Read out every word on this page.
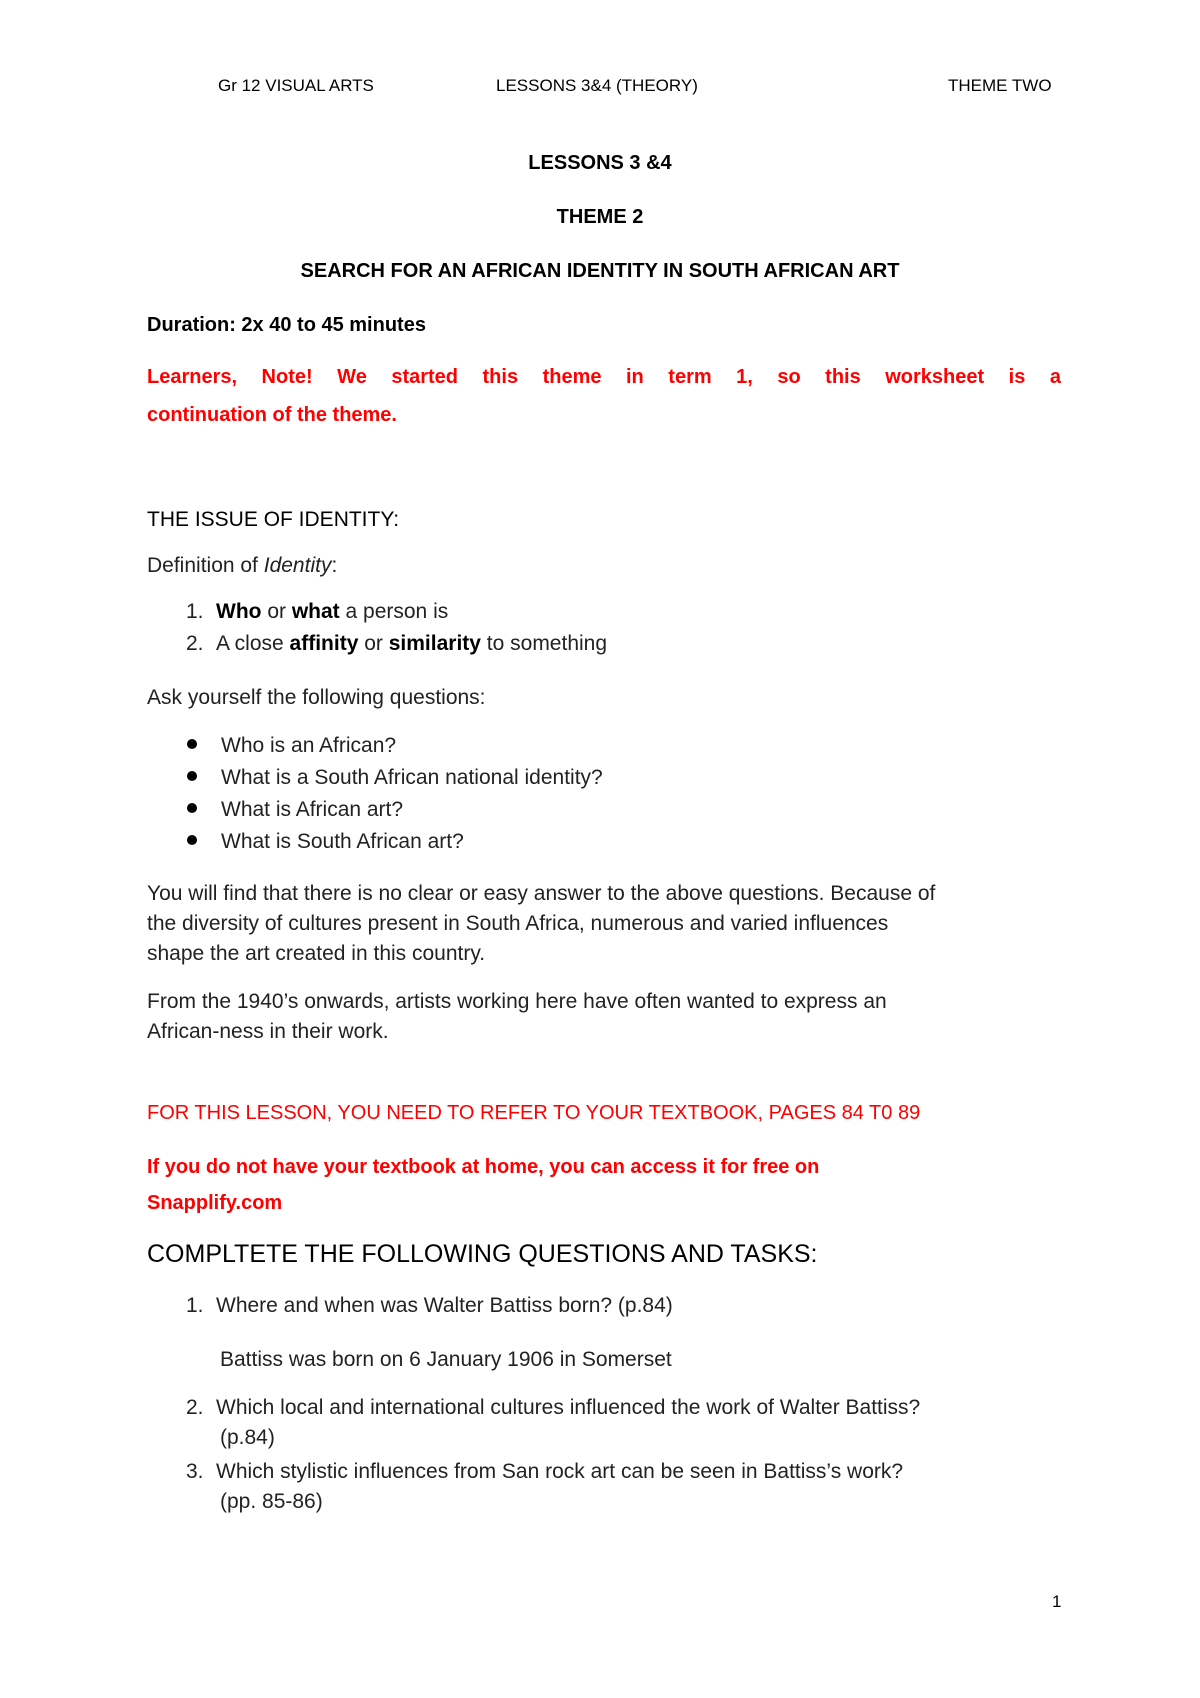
Gr 12 VISUAL ARTS	LESSONS 3&4 (THEORY)	THEME TWO
LESSONS 3 &4
THEME 2
SEARCH FOR AN AFRICAN IDENTITY IN SOUTH AFRICAN ART
Duration: 2x 40 to 45 minutes
Learners, Note! We started this theme in term 1, so this worksheet is a
continuation of the theme.
THE ISSUE OF IDENTITY:
Definition of Identity:
1. Who or what a person is
2. A close affinity or similarity to something
Ask yourself the following questions:
Who is an African?
What is a South African national identity?
What is African art?
What is South African art?
You will find that there is no clear or easy answer to the above questions. Because of
the diversity of cultures present in South Africa, numerous and varied influences
shape the art created in this country.
From the 1940’s onwards, artists working here have often wanted to express an
African-ness in their work.
FOR THIS LESSON, YOU NEED TO REFER TO YOUR TEXTBOOK, PAGES 84 T0 89
If you do not have your textbook at home, you can access it for free on
Snapplify.com
COMPLTETE THE FOLLOWING QUESTIONS AND TASKS:
1. Where and when was Walter Battiss born? (p.84)
Battiss was born on 6 January 1906 in Somerset
2. Which local and international cultures influenced the work of Walter Battiss?
(p.84)
3. Which stylistic influences from San rock art can be seen in Battiss’s work?
(pp. 85-86)
1
